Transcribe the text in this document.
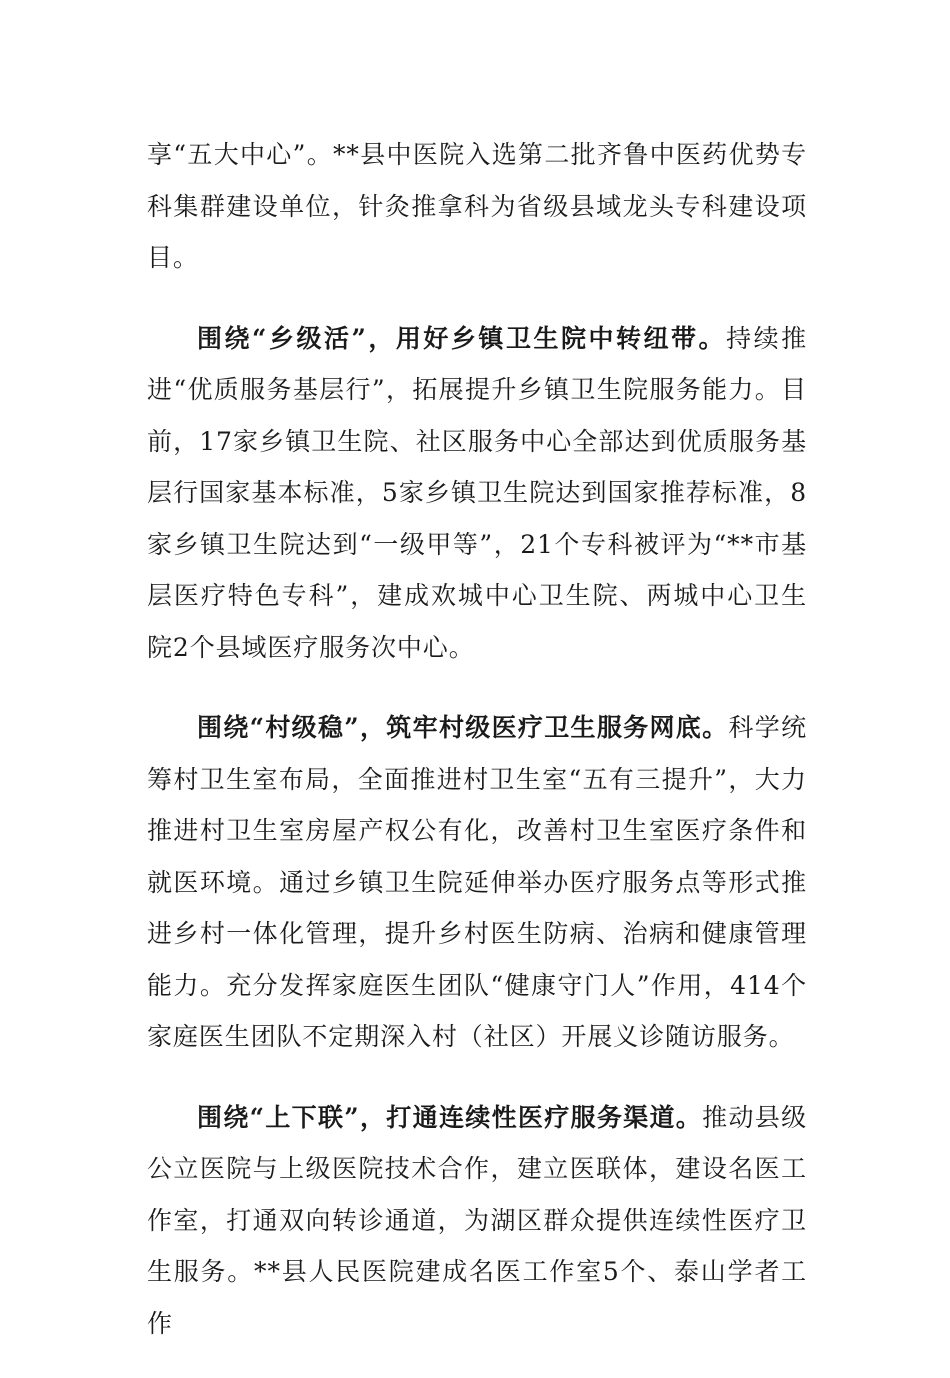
享“五大中心”。**县中医院入选第二批齐鲁中医药优势专科集群建设单位，针灸推拿科为省级县域龙头专科建设项目。

围绕“乡级活”，用好乡镇卫生院中转纽带。持续推进“优质服务基层行”，拓展提升乡镇卫生院服务能力。目前，17家乡镇卫生院、社区服务中心全部达到优质服务基层行国家基本标准，5家乡镇卫生院达到国家推荐标准，8家乡镇卫生院达到“一级甲等”，21个专科被评为“**市基层医疗特色专科”，建成欢城中心卫生院、两城中心卫生院2个县域医疗服务次中心。

围绕“村级稳”，筑牢村级医疗卫生服务网底。科学统筹村卫生室布局，全面推进村卫生室“五有三提升”，大力推进村卫生室房屋产权公有化，改善村卫生室医疗条件和就医环境。通过乡镇卫生院延伸举办医疗服务点等形式推进乡村一体化管理，提升乡村医生防病、治病和健康管理能力。充分发挥家庭医生团队“健康守门人”作用，414个家庭医生团队不定期深入村（社区）开展义诊随访服务。

围绕“上下联”，打通连续性医疗服务渠道。推动县级公立医院与上级医院技术合作，建立医联体，建设名医工作室，打通双向转诊通道，为湖区群众提供连续性医疗卫生服务。**县人民医院建成名医工作室5个、泰山学者工作
